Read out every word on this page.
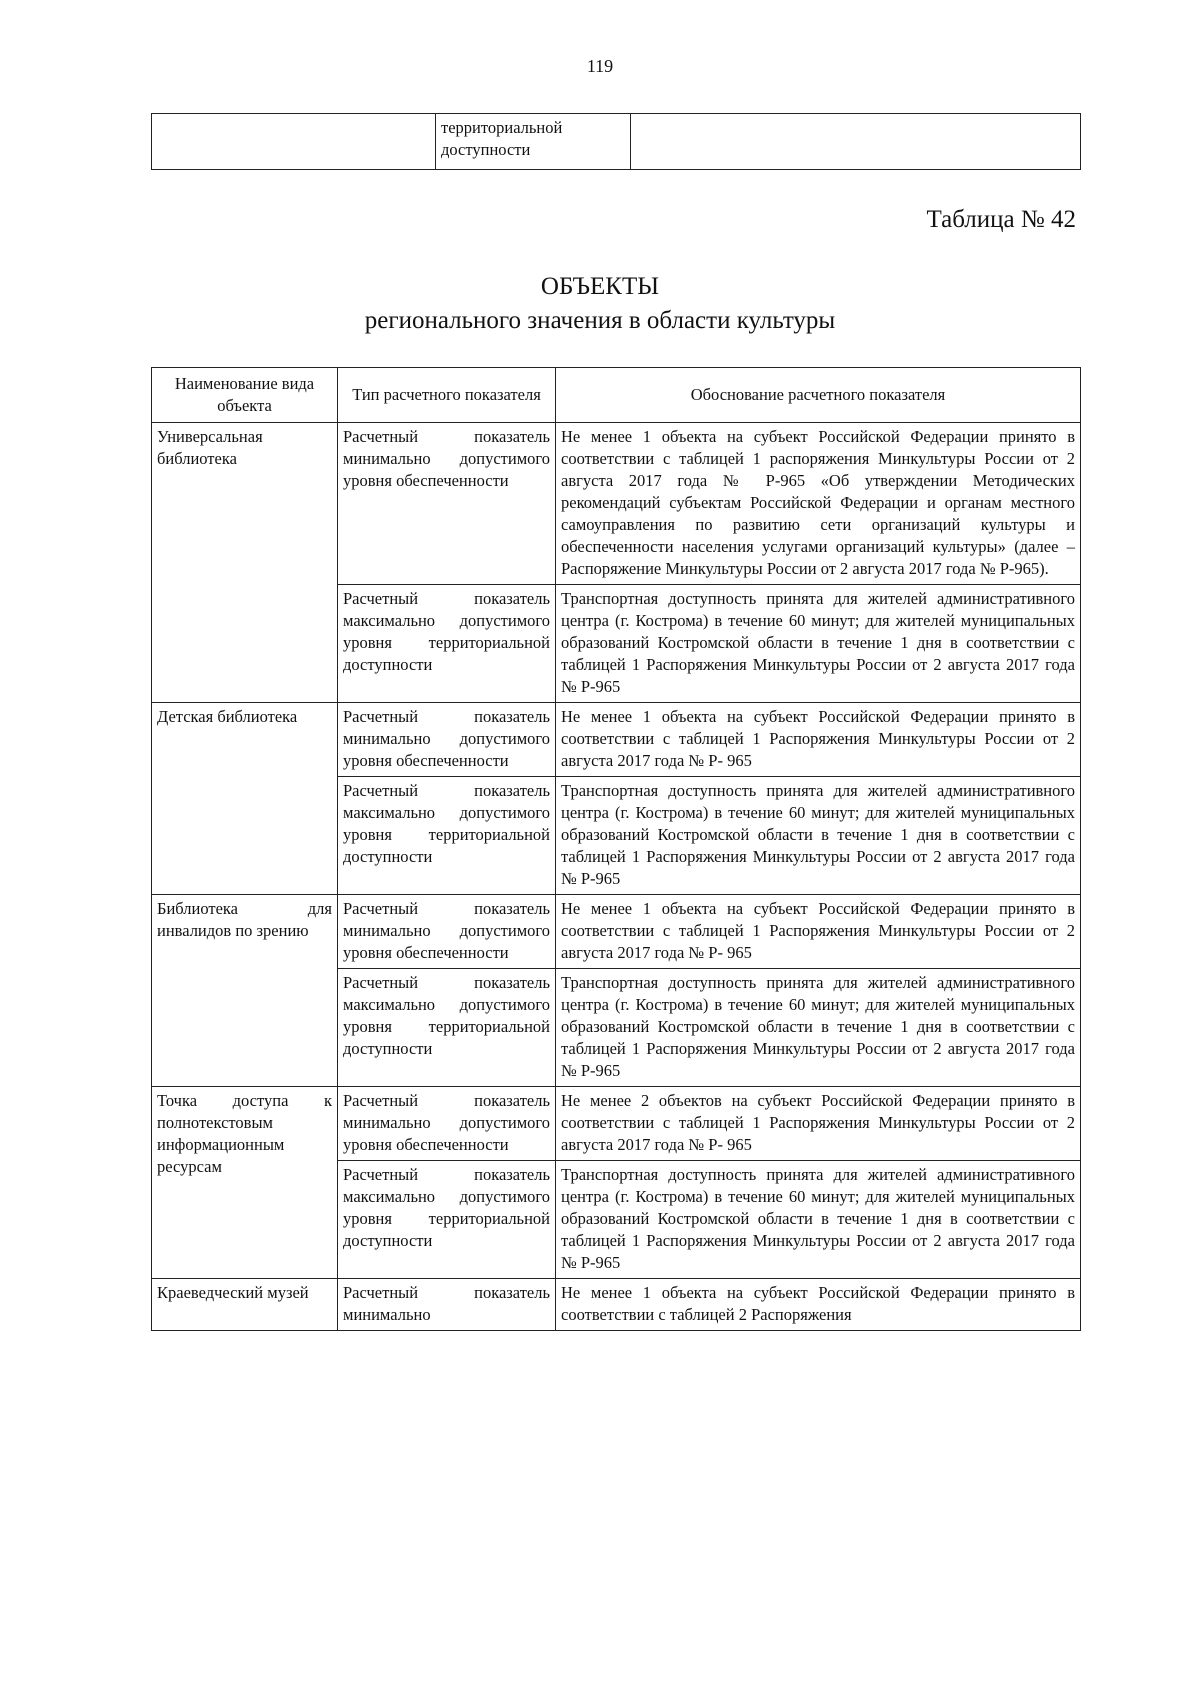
119
	территориальной доступности	
Таблица № 42
ОБЪЕКТЫ
регионального значения в области культуры
Наименование вида объекта	Тип расчетного показателя	Обоснование расчетного показателя
Универсальная библиотека	Расчетный показатель минимально допустимого уровня обеспеченности	Не менее 1 объекта на субъект Российской Федерации принято в соответствии с таблицей 1 распоряжения Минкультуры России от 2 августа 2017 года № Р-965 «Об утверждении Методических рекомендаций субъектам Российской Федерации и органам местного самоуправления по развитию сети организаций культуры и обеспеченности населения услугами организаций культуры» (далее – Распоряжение Минкультуры России от 2 августа 2017 года № Р-965).
	Расчетный показатель максимально допустимого уровня территориальной доступности	Транспортная доступность принята для жителей административного центра (г. Кострома) в течение 60 минут; для жителей муниципальных образований Костромской области в течение 1 дня в соответствии с таблицей 1 Распоряжения Минкультуры России от 2 августа 2017 года № Р-965
Детская библиотека	Расчетный показатель минимально допустимого уровня обеспеченности	Не менее 1 объекта на субъект Российской Федерации принято в соответствии с таблицей 1 Распоряжения Минкультуры России от 2 августа 2017 года № Р- 965
	Расчетный показатель максимально допустимого уровня территориальной доступности	Транспортная доступность принята для жителей административного центра (г. Кострома) в течение 60 минут; для жителей муниципальных образований Костромской области в течение 1 дня в соответствии с таблицей 1 Распоряжения Минкультуры России от 2 августа 2017 года № Р-965
Библиотека для инвалидов по зрению	Расчетный показатель минимально допустимого уровня обеспеченности	Не менее 1 объекта на субъект Российской Федерации принято в соответствии с таблицей 1 Распоряжения Минкультуры России от 2 августа 2017 года № Р- 965
	Расчетный показатель максимально допустимого уровня территориальной доступности	Транспортная доступность принята для жителей административного центра (г. Кострома) в течение 60 минут; для жителей муниципальных образований Костромской области в течение 1 дня в соответствии с таблицей 1 Распоряжения Минкультуры России от 2 августа 2017 года № Р-965
Точка доступа к полнотекстовым информационным ресурсам	Расчетный показатель минимально допустимого уровня обеспеченности	Не менее 2 объектов на субъект Российской Федерации принято в соответствии с таблицей 1 Распоряжения Минкультуры России от 2 августа 2017 года № Р- 965
	Расчетный показатель максимально допустимого уровня территориальной доступности	Транспортная доступность принята для жителей административного центра (г. Кострома) в течение 60 минут; для жителей муниципальных образований Костромской области в течение 1 дня в соответствии с таблицей 1 Распоряжения Минкультуры России от 2 августа 2017 года № Р-965
Краеведческий музей	Расчетный показатель минимально	Не менее 1 объекта на субъект Российской Федерации принято в соответствии с таблицей 2 Распоряжения
